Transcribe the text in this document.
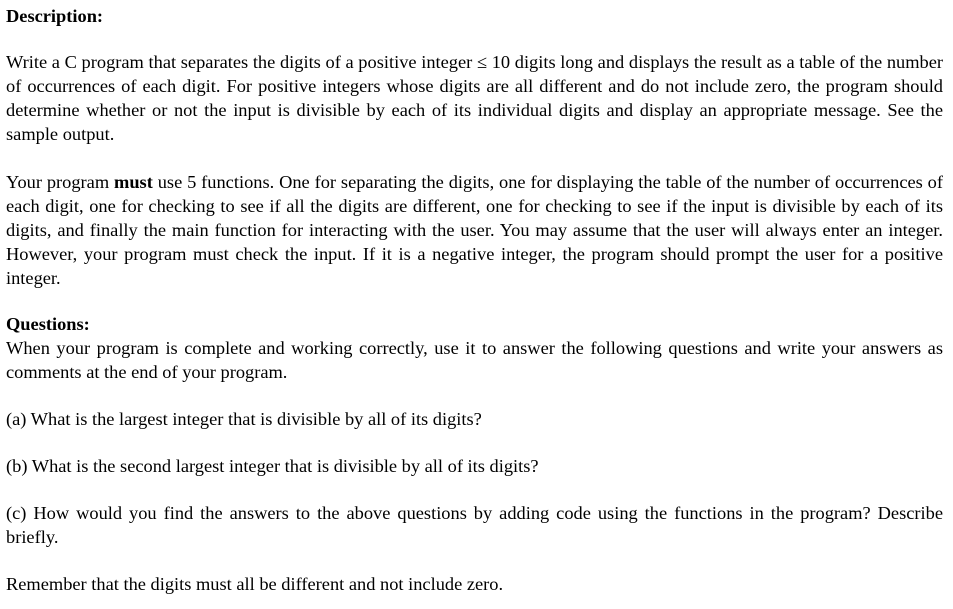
Description:

Write a C program that separates the digits of a positive integer ≤ 10 digits long and displays the result as a table of the number of occurrences of each digit. For positive integers whose digits are all different and do not include zero, the program should determine whether or not the input is divisible by each of its individual digits and display an appropriate message. See the sample output.

Your program must use 5 functions. One for separating the digits, one for displaying the table of the number of occurrences of each digit, one for checking to see if all the digits are different, one for checking to see if the input is divisible by each of its digits, and finally the main function for interacting with the user. You may assume that the user will always enter an integer. However, your program must check the input. If it is a negative integer, the program should prompt the user for a positive integer.

Questions:

When your program is complete and working correctly, use it to answer the following questions and write your answers as comments at the end of your program.

(a) What is the largest integer that is divisible by all of its digits?

(b) What is the second largest integer that is divisible by all of its digits?

(c) How would you find the answers to the above questions by adding code using the functions in the program? Describe briefly.

Remember that the digits must all be different and not include zero.
